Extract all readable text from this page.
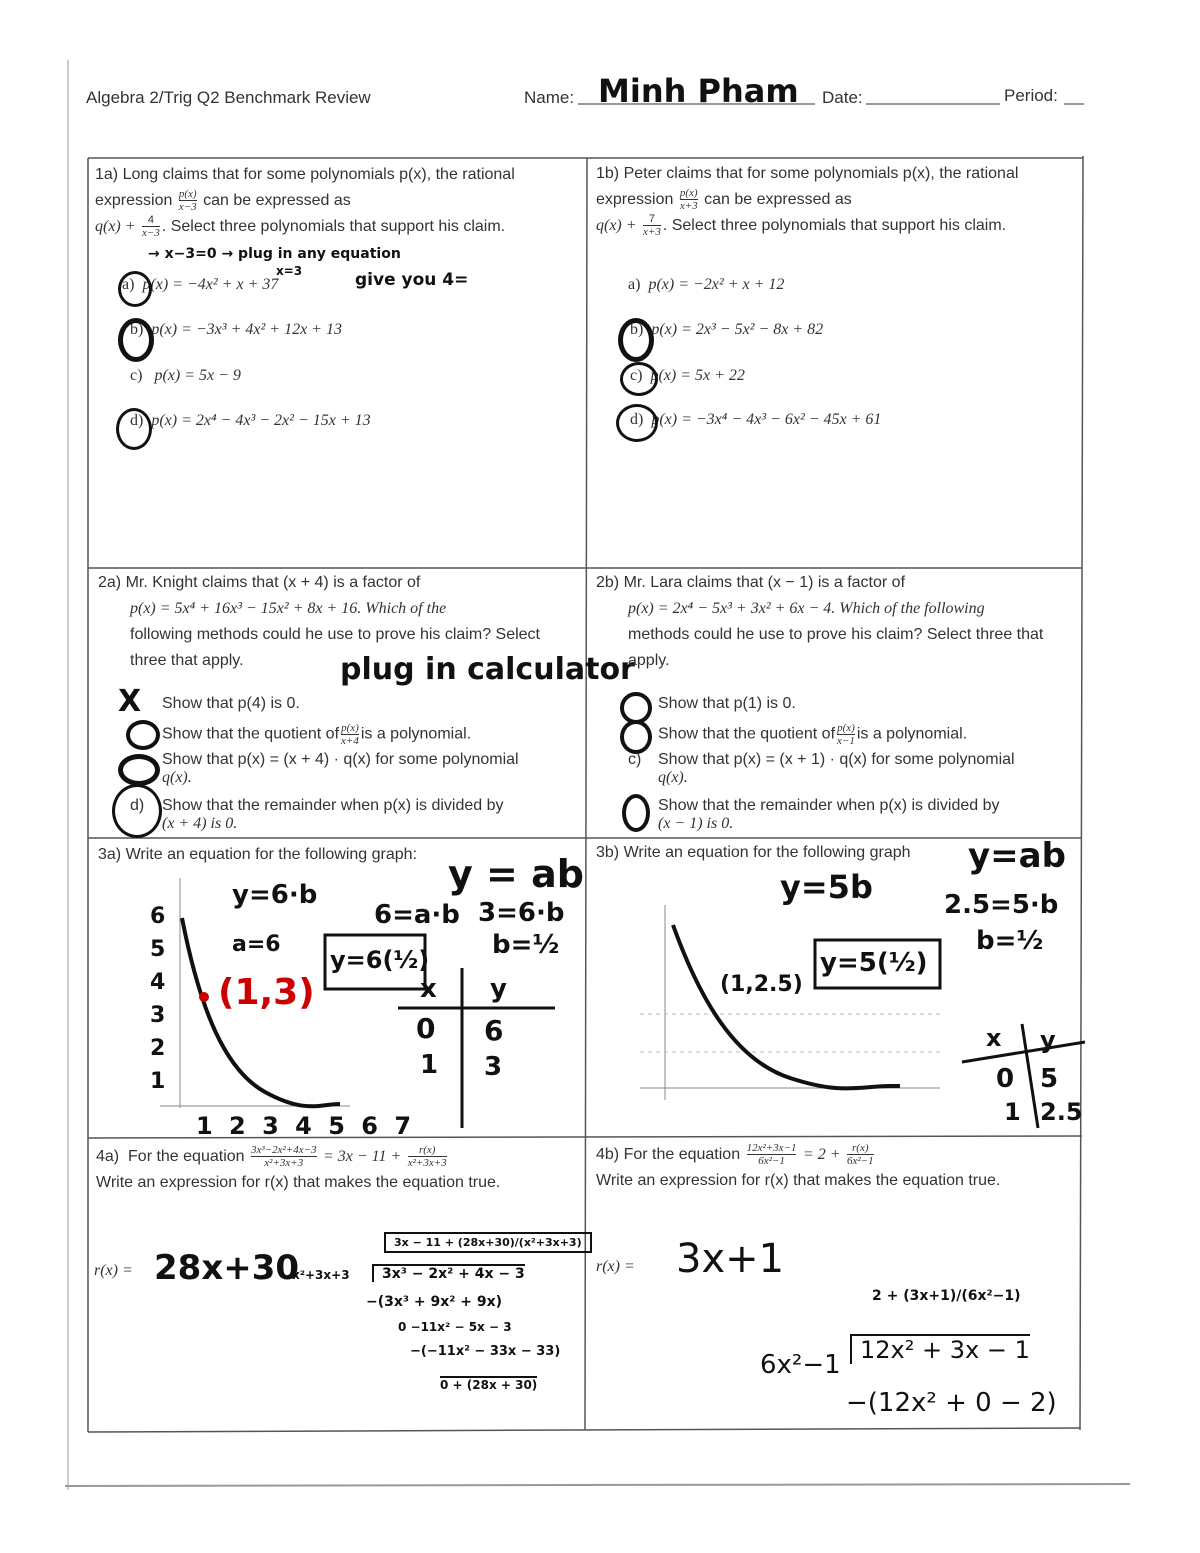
Algebra 2/Trig Q2 Benchmark Review	Name: Minh Pham Date:	Period:
1a) Long claims that for some polynomials p(x), the rational
expression $\frac{p(x)}{x-3}$ can be expressed as
$q(x) + \frac{4}{x-3}$ . Select three polynomials that support his claim.
→ x−3=0 → plug in any equation
x=3	give you 4=
a) p(x) = −4x² + x + 37
b) p(x) = −3x³ + 4x² + 12x + 13
c) p(x) = 5x − 9
d) p(x) = 2x⁴ − 4x³ − 2x² − 15x + 13
1b) Peter claims that for some polynomials p(x), the rational
expression $\frac{p(x)}{x+3}$ can be expressed as
$q(x) + \frac{7}{x+3}$ . Select three polynomials that support his claim.
a) p(x) = −2x² + x + 12
b) p(x) = 2x³ − 5x² − 8x + 82
c) p(x) = 5x + 22
d) p(x) = −3x⁴ − 4x³ − 6x² − 45x + 61
2a) Mr. Knight claims that (x + 4) is a factor of
p(x) = 5x⁴ + 16x³ − 15x² + 8x + 16. Which of the
following methods could he use to prove his claim? Select
three that apply.	plug in calculator
X Show that p(4) is 0.
Show that the quotient of $\frac{p(x)}{x+4}$ is a polynomial.
Show that p(x) = (x + 4) · q(x) for some polynomial
q(x).
d) Show that the remainder when p(x) is divided by
(x + 4) is 0.
2b) Mr. Lara claims that (x − 1) is a factor of
p(x) = 2x⁴ − 5x³ + 3x² + 6x − 4. Which of the following
methods could he use to prove his claim? Select three that
apply.
Show that p(1) is 0.
Show that the quotient of $\frac{p(x)}{x-1}$ is a polynomial.
c) Show that p(x) = (x + 1) · q(x) for some polynomial
q(x).
Show that the remainder when p(x) is divided by
(x − 1) is 0.
3a) Write an equation for the following graph:
6
5
4
3
2
1
1 2 3 4 5 6 7
y=6·b
a=6
y = ab
6=a·b 3=6·b
b=½
y=6(½)
(1,3)	x y
0 6
1 3
3b) Write an equation for the following graph
y=5b
y=ab
2.5=5·b
b=½
y=5(½)
(1,2.5)
x y
0 5
1 2.5
4a) For the equation $\frac{\text{3x³−2x²+4x−3}}{\text{x²+3x+3}} = 3x - 11 + \frac{r(x)}{\text{x²+3x+3}}$
Write an expression for r(x) that makes the equation true.
r(x) = 28x+30
3x − 11 + (28x+30)/(x²+3x+3)
x²+3x+3	3x³ − 2x² + 4x − 3
−(3x³ + 9x² + 9x)
0 −11x² − 5x − 3
−(−11x² − 33x − 33)
0 + (28x + 30)
4b) For the equation $\frac{\text{12x²+3x−1}}{\text{6x²−1}} = 2 + \frac{r(x)}{\text{6x²−1}}$
Write an expression for r(x) that makes the equation true.
r(x) = 3x+1
2 + (3x+1)/(6x²−1)
6x²−1 12x² + 3x − 1
−(12x² + 0 − 2)
